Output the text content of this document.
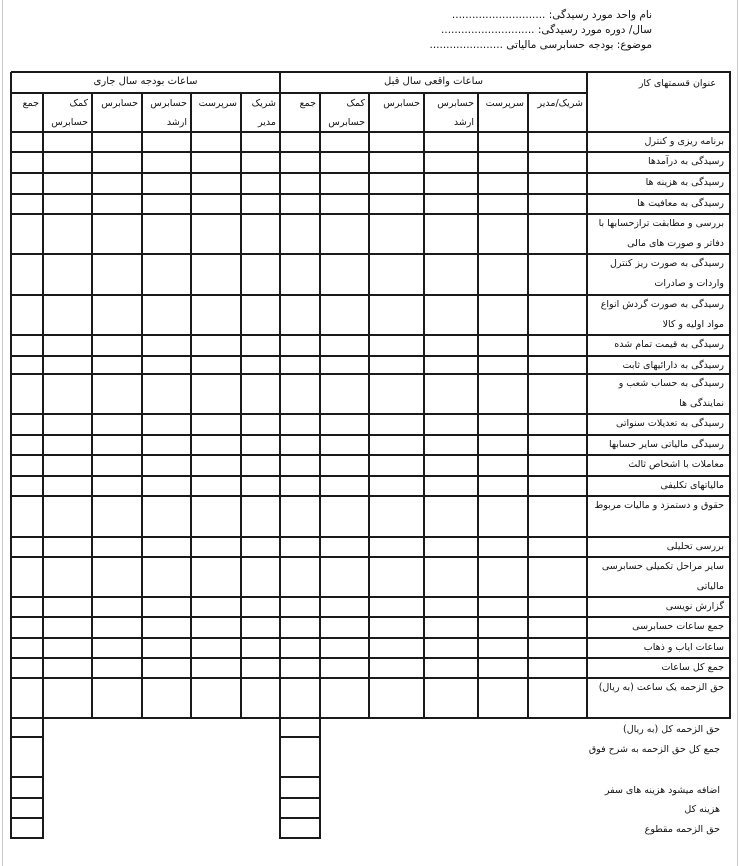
نام واحد مورد رسیدگی: ............................
سال/ دوره مورد رسیدگی: ............................
موضوع: بودجه حسابرسی مالیاتی ......................
عنوان قسمتهای کار
ساعات واقعی سال قبل
ساعات بودجه سال جاری
شریک/مدیر
سرپرست
حسابرس ارشد
حسابرس
کمک حسابرس
جمع
شریک مدیر
سرپرست
حسابرس ارشد
حسابرس
کمک حسابرس
جمع
برنامه ریزی و کنترل
رسیدگی به درآمدها
رسیدگی به هزینه ها
رسیدگی به معافیت ها
بررسی و مطابقت ترازحسابها با دفاتر و صورت های مالی
رسیدگی به صورت ریز کنترل واردات و صادرات
رسیدگی به صورت گردش انواع مواد اولیه و کالا
رسیدگی به قیمت تمام شده
رسیدگی به دارائیهای ثابت
رسیدگی به حساب شعب و نمایندگی ها
رسیدگی به تعدیلات سنواتی
رسیدگی مالیاتی سایر حسابها
معاملات با اشخاص ثالث
مالیاتهای تکلیفی
حقوق و دستمزد و مالیات مربوط
بررسی تحلیلی
سایر مراحل تکمیلی حسابرسی مالیاتی
گزارش نویسی
جمع ساعات حسابرسی
ساعات ایاب و ذهاب
جمع کل ساعات
حق الزحمه یک ساعت (به ریال)
حق الزحمه کل (به ریال)
جمع کل حق الزحمه به شرح فوق
اضافه میشود هزینه های سفر
هزینه کل
حق الزحمه مقطوع
